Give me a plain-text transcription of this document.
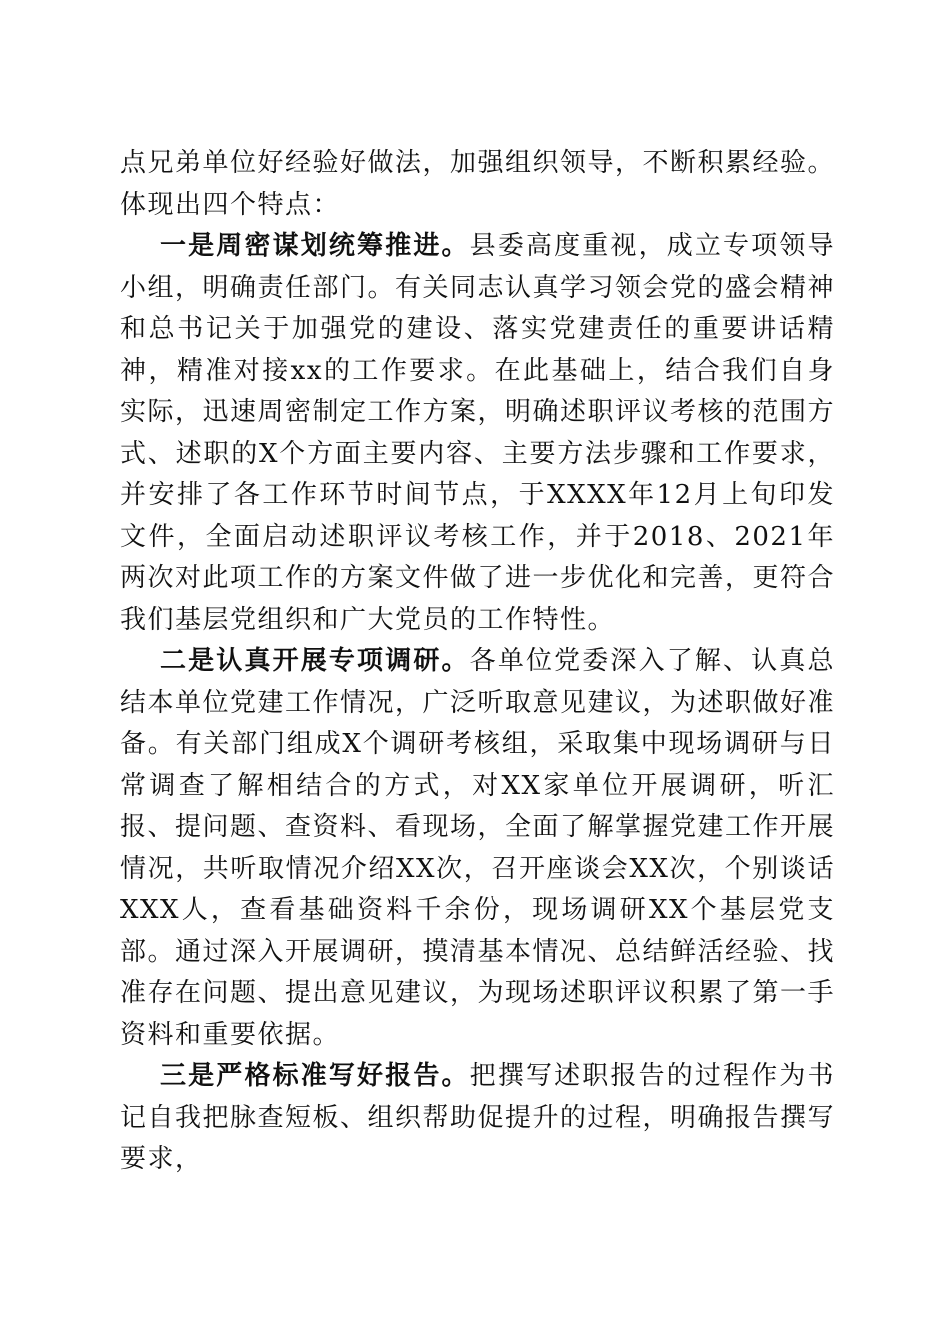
点兄弟单位好经验好做法，加强组织领导，不断积累经验。体现出四个特点：

一是周密谋划统筹推进。县委高度重视，成立专项领导小组，明确责任部门。有关同志认真学习领会党的盛会精神和总书记关于加强党的建设、落实党建责任的重要讲话精神，精准对接xx的工作要求。在此基础上，结合我们自身实际，迅速周密制定工作方案，明确述职评议考核的范围方式、述职的X个方面主要内容、主要方法步骤和工作要求，并安排了各工作环节时间节点，于XXXX年12月上旬印发文件，全面启动述职评议考核工作，并于2018、2021年两次对此项工作的方案文件做了进一步优化和完善，更符合我们基层党组织和广大党员的工作特性。

二是认真开展专项调研。各单位党委深入了解、认真总结本单位党建工作情况，广泛听取意见建议，为述职做好准备。有关部门组成X个调研考核组，采取集中现场调研与日常调查了解相结合的方式，对XX家单位开展调研，听汇报、提问题、查资料、看现场，全面了解掌握党建工作开展情况，共听取情况介绍XX次，召开座谈会XX次，个别谈话XXX人，查看基础资料千余份，现场调研XX个基层党支部。通过深入开展调研，摸清基本情况、总结鲜活经验、找准存在问题、提出意见建议，为现场述职评议积累了第一手资料和重要依据。

三是严格标准写好报告。把撰写述职报告的过程作为书记自我把脉查短板、组织帮助促提升的过程，明确报告撰写要求，
